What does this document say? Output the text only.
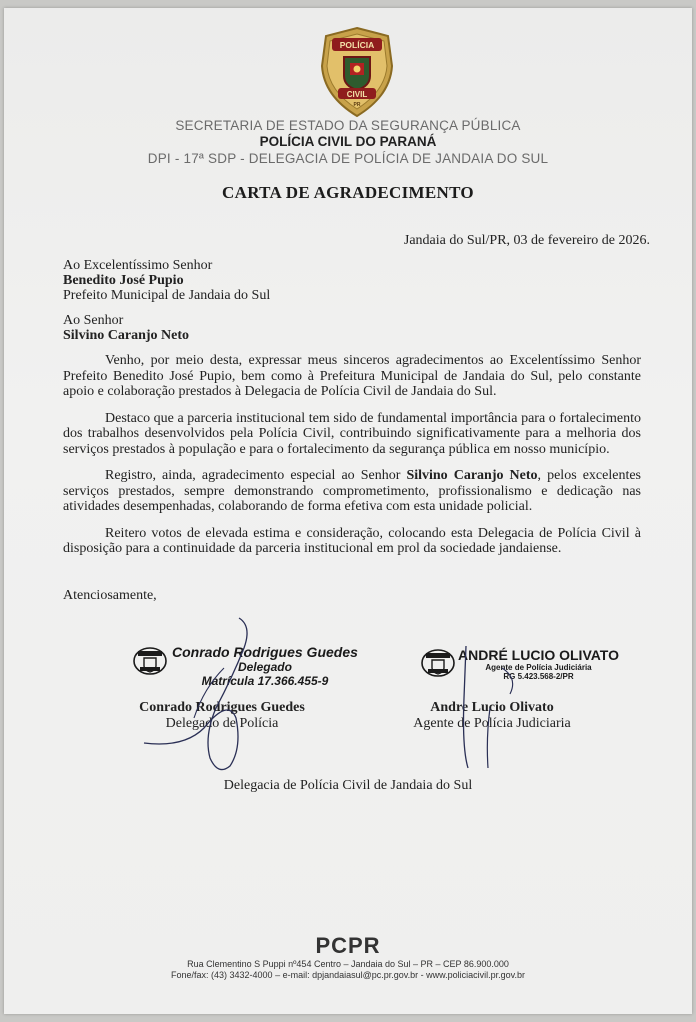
POLÍCIA
CIVIL
PR
SECRETARIA DE ESTADO DA SEGURANÇA PÚBLICA
POLÍCIA CIVIL DO PARANÁ
DPI - 17ª SDP - DELEGACIA DE POLÍCIA DE JANDAIA DO SUL
CARTA DE AGRADECIMENTO
Jandaia do Sul/PR, 03 de fevereiro de 2026.
Ao Excelentíssimo Senhor
Benedito José Pupio
Prefeito Municipal de Jandaia do Sul
Ao Senhor
Silvino Caranjo Neto

Venho, por meio desta, expressar meus sinceros agradecimentos ao Excelentíssimo Senhor Prefeito Benedito José Pupio, bem como à Prefeitura Municipal de Jandaia do Sul, pelo constante apoio e colaboração prestados à Delegacia de Polícia Civil de Jandaia do Sul.

Destaco que a parceria institucional tem sido de fundamental importância para o fortalecimento dos trabalhos desenvolvidos pela Polícia Civil, contribuindo significativamente para a melhoria dos serviços prestados à população e para o fortalecimento da segurança pública em nosso município.

Registro, ainda, agradecimento especial ao Senhor Silvino Caranjo Neto, pelos excelentes serviços prestados, sempre demonstrando comprometimento, profissionalismo e dedicação nas atividades desempenhadas, colaborando de forma efetiva com esta unidade policial.

Reitero votos de elevada estima e consideração, colocando esta Delegacia de Polícia Civil à disposição para a continuidade da parceria institucional em prol da sociedade jandaiense.

Atenciosamente,
Conrado Rodrigues Guedes
Delegado
Matrícula 17.366.455-9
Conrado Rodrigues Guedes
Delegado de Polícia
ANDRÉ LUCIO OLIVATO
Agente de Polícia Judiciária
RG 5.423.568-2/PR
Andre Lucio Olivato
Agente de Polícia Judiciaria
Delegacia de Polícia Civil de Jandaia do Sul
PCPR
Rua Clementino S Puppi nº454 Centro – Jandaia do Sul – PR – CEP 86.900.000
Fone/fax: (43) 3432-4000 – e-mail: dpjandaiasul@pc.pr.gov.br - www.policiacivil.pr.gov.br
